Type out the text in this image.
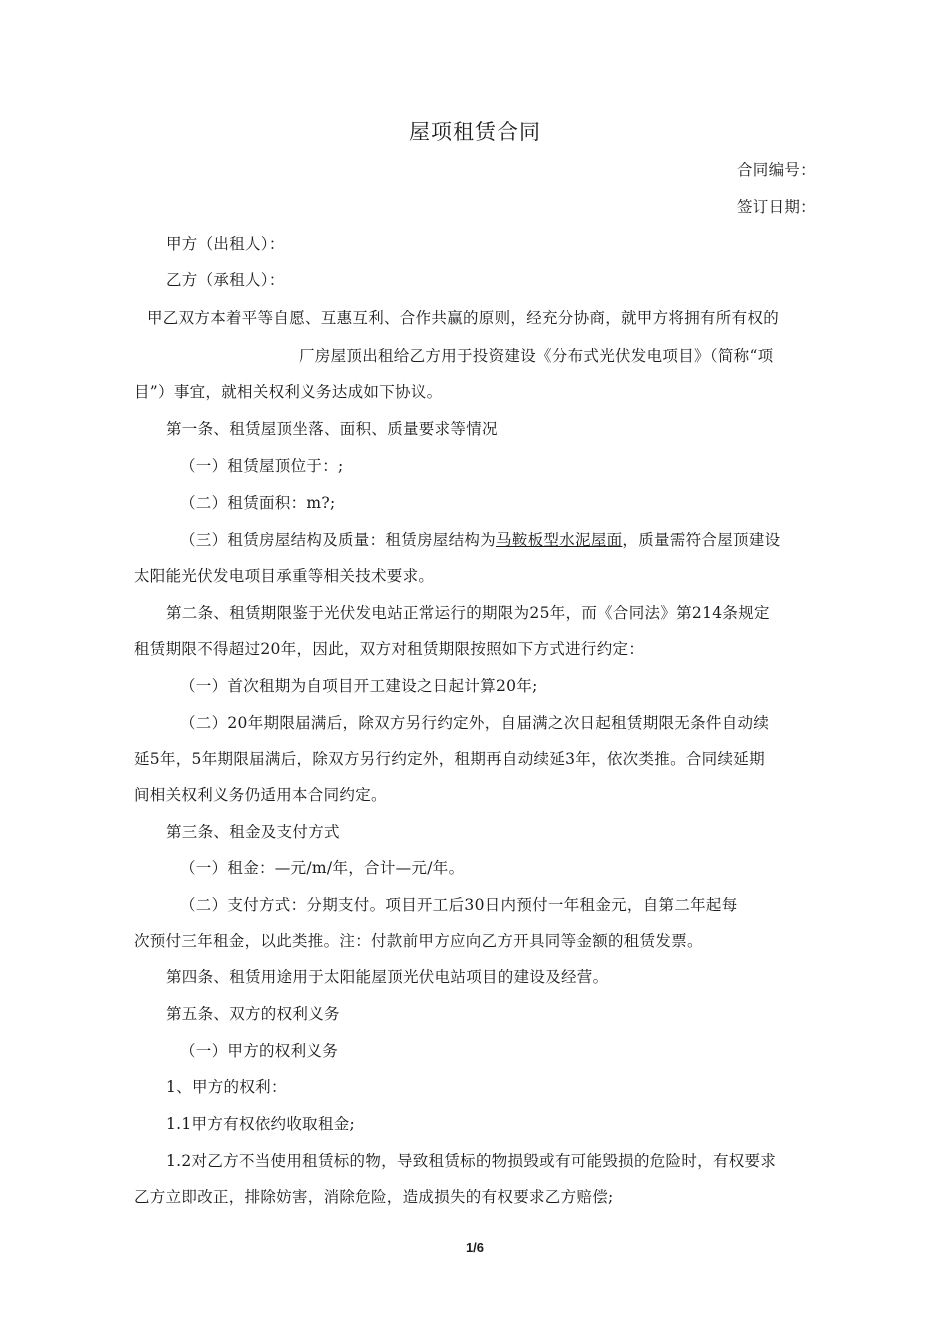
屋项租赁合同
合同编号：
签订日期：
甲方（出租人）：
乙方（承租人）：
甲乙双方本着平等自愿、互惠互利、合作共赢的原则，经充分协商，就甲方将拥有所有权的
厂房屋顶出租给乙方用于投资建设《分布式光伏发电项目》（简称“项
目”）事宜，就相关权利义务达成如下协议。
第一条、租赁屋顶坐落、面积、质量要求等情况
（一）租赁屋顶位于：;
（二）租赁面积：m?;
（三）租赁房屋结构及质量：租赁房屋结构为马鞍板型水泥屋面，质量需符合屋顶建设
太阳能光伏发电项目承重等相关技术要求。
第二条、租赁期限鉴于光伏发电站正常运行的期限为25年，而《合同法》第214条规定
租赁期限不得超过20年，因此，双方对租赁期限按照如下方式进行约定：
（一）首次租期为自项目开工建设之日起计算20年;
（二）20年期限届满后，除双方另行约定外，自届满之次日起租赁期限无条件自动续
延5年，5年期限届满后，除双方另行约定外，租期再自动续延3年，依次类推。合同续延期
间相关权利义务仍适用本合同约定。
第三条、租金及支付方式
（一）租金：—元/m/年，合计—元/年。
（二）支付方式：分期支付。项目开工后30日内预付一年租金元，自第二年起每
次预付三年租金，以此类推。注：付款前甲方应向乙方开具同等金额的租赁发票。
第四条、租赁用途用于太阳能屋顶光伏电站项目的建设及经营。
第五条、双方的权利义务
（一）甲方的权利义务
1、甲方的权利：
1.1甲方有权依约收取租金;
1.2对乙方不当使用租赁标的物，导致租赁标的物损毁或有可能毁损的危险时，有权要求
乙方立即改正，排除妨害，消除危险，造成损失的有权要求乙方赔偿;
1/6
